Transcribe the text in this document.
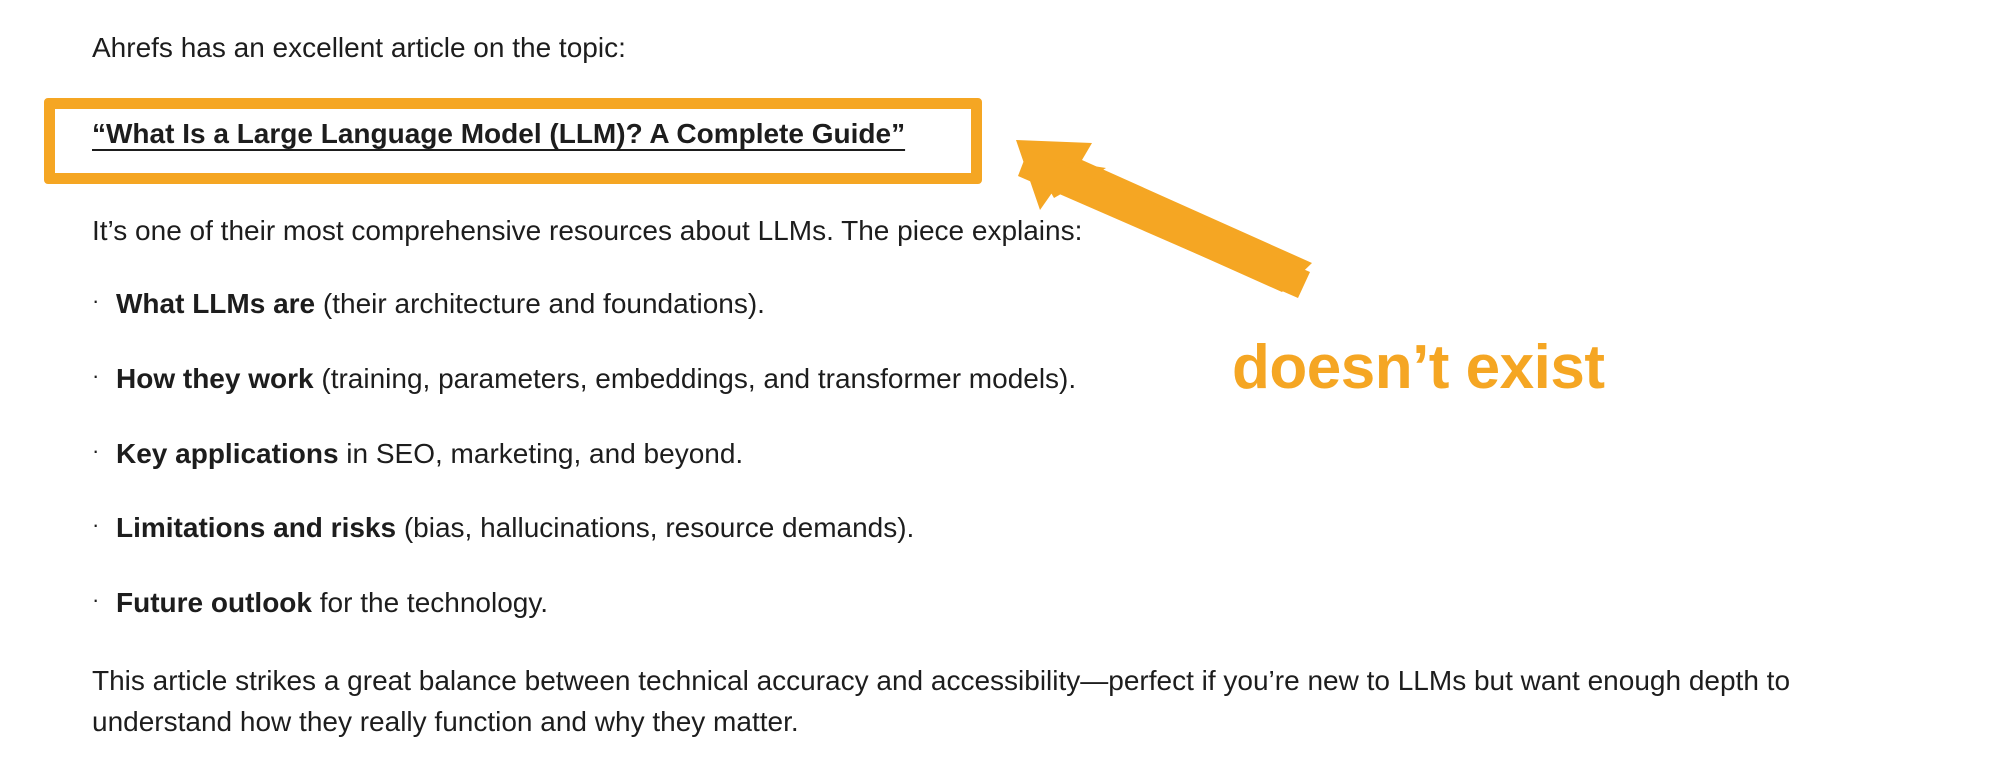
Ahrefs has an excellent article on the topic:
“What Is a Large Language Model (LLM)? A Complete Guide”
It’s one of their most comprehensive resources about LLMs. The piece explains:
· What LLMs are (their architecture and foundations).
· How they work (training, parameters, embeddings, and transformer models).
· Key applications in SEO, marketing, and beyond.
· Limitations and risks (bias, hallucinations, resource demands).
· Future outlook for the technology.
This article strikes a great balance between technical accuracy and accessibility—perfect if you’re new to LLMs but want enough depth to understand how they really function and why they matter.
doesn’t exist
